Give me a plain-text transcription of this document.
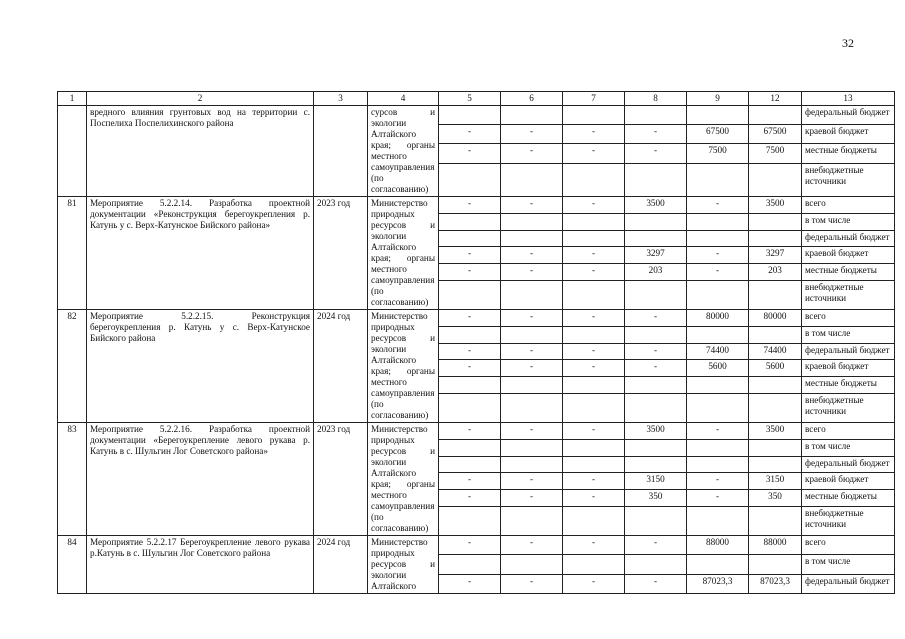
32
1	2	3	4	5	6	7	8	9	12	13
	вредного влияния грунтовых вод на территории с. Поспелиха Поспелихинского района		сурсов и экологии Алтайского края; органы местного самоуправления (по согласованию)							федеральный бюджет
				-	-	-	-	67500	67500	краевой бюджет
				-	-	-	-	7500	7500	местные бюджеты
										внебюджетные источники
81	Мероприятие 5.2.2.14. Разработка проектной документации «Реконструкция берегоукрепления р. Катунь у с. Верх-Катунское Бийского района»	2023 год	Министерство природных ресурсов и экологии Алтайского края; органы местного самоуправления (по согласованию)	-	-	-	3500	-	3500	всего
										в том числе
										федеральный бюджет
				-	-	-	3297	-	3297	краевой бюджет
				-	-	-	203	-	203	местные бюджеты
										внебюджетные источники
82	Мероприятие 5.2.2.15. Реконструкция берегоукрепления р. Катунь у с. Верх-Катунское Бийского района	2024 год	Министерство природных ресурсов и экологии Алтайского края; органы местного самоуправления (по согласованию)	-	-	-	-	80000	80000	всего
										в том числе
				-	-	-	-	74400	74400	федеральный бюджет
				-	-	-	-	5600	5600	краевой бюджет
										местные бюджеты
										внебюджетные источники
83	Мероприятие 5.2.2.16. Разработка проектной документации «Берегоукрепление левого рукава р. Катунь в с. Шульгин Лог Советского района»	2023 год	Министерство природных ресурсов и экологии Алтайского края; органы местного самоуправления (по согласованию)	-	-	-	3500	-	3500	всего
										в том числе
										федеральный бюджет
				-	-	-	3150	-	3150	краевой бюджет
				-	-	-	350	-	350	местные бюджеты
										внебюджетные источники
84	Мероприятие 5.2.2.17 Берегоукрепление левого рукава р.Катунь в с. Шульгин Лог Советского района	2024 год	Министерство природных ресурсов и экологии Алтайского	-	-	-	-	88000	88000	всего
										в том числе
				-	-	-	-	87023,3	87023,3	федеральный бюджет
